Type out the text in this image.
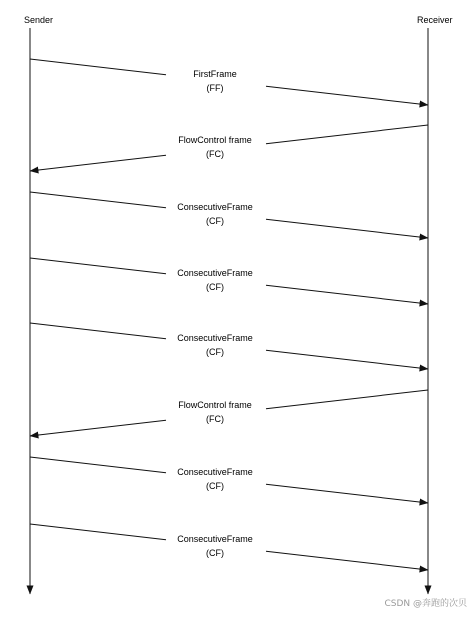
Sender	Receiver
FirstFrame
(FF)
FlowControl frame
(FC)
ConsecutiveFrame
(CF)
ConsecutiveFrame
(CF)
ConsecutiveFrame
(CF)
FlowControl frame
(FC)
ConsecutiveFrame
(CF)
ConsecutiveFrame
(CF)
CSDN @奔跑的次贝
